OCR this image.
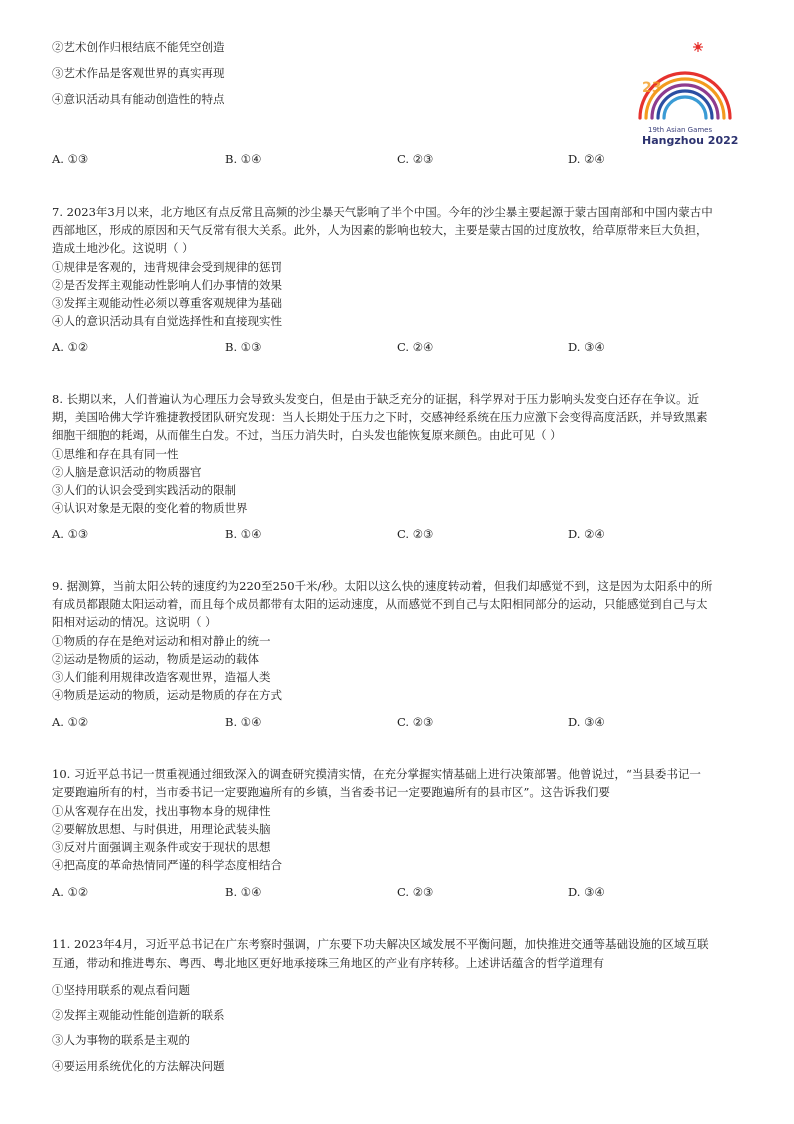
②艺术创作归根结底不能凭空创造
③艺术作品是客观世界的真实再现
④意识活动具有能动创造性的特点
A. ①③	B. ①④	C. ②③	D. ②④
23
19th Asian Games
Hangzhou 2022
7. 2023年3月以来，北方地区有点反常且高频的沙尘暴天气影响了半个中国。今年的沙尘暴主要起源于蒙古国南部和中国内蒙古中
西部地区，形成的原因和天气反常有很大关系。此外，人为因素的影响也较大，主要是蒙古国的过度放牧，给草原带来巨大负担，
造成土地沙化。这说明（ ）
①规律是客观的，违背规律会受到规律的惩罚
②是否发挥主观能动性影响人们办事情的效果
③发挥主观能动性必须以尊重客观规律为基础
④人的意识活动具有自觉选择性和直接现实性
A. ①②	B. ①③	C. ②④	D. ③④
8. 长期以来，人们普遍认为心理压力会导致头发变白，但是由于缺乏充分的证据，科学界对于压力影响头发变白还存在争议。近
期，美国哈佛大学许雅捷教授团队研究发现：当人长期处于压力之下时，交感神经系统在压力应激下会变得高度活跃，并导致黑素
细胞干细胞的耗竭，从而催生白发。不过，当压力消失时，白头发也能恢复原来颜色。由此可见（ ）
①思维和存在具有同一性
②人脑是意识活动的物质器官
③人们的认识会受到实践活动的限制
④认识对象是无限的变化着的物质世界
A. ①③	B. ①④	C. ②③	D. ②④
9. 据测算，当前太阳公转的速度约为220至250千米/秒。太阳以这么快的速度转动着，但我们却感觉不到，这是因为太阳系中的所
有成员都跟随太阳运动着，而且每个成员都带有太阳的运动速度，从而感觉不到自己与太阳相同部分的运动，只能感觉到自己与太
阳相对运动的情况。这说明（ ）
①物质的存在是绝对运动和相对静止的统一
②运动是物质的运动，物质是运动的载体
③人们能利用规律改造客观世界，造福人类
④物质是运动的物质，运动是物质的存在方式
A. ①②	B. ①④	C. ②③	D. ③④
10. 习近平总书记一贯重视通过细致深入的调查研究摸清实情，在充分掌握实情基础上进行决策部署。他曾说过，“当县委书记一
定要跑遍所有的村，当市委书记一定要跑遍所有的乡镇，当省委书记一定要跑遍所有的县市区”。这告诉我们要
①从客观存在出发，找出事物本身的规律性
②要解放思想、与时俱进，用理论武装头脑
③反对片面强调主观条件或安于现状的思想
④把高度的革命热情同严谨的科学态度相结合
A. ①②	B. ①④	C. ②③	D. ③④
11. 2023年4月，习近平总书记在广东考察时强调，广东要下功夫解决区域发展不平衡问题，加快推进交通等基础设施的区域互联
互通，带动和推进粤东、粤西、粤北地区更好地承接珠三角地区的产业有序转移。上述讲话蕴含的哲学道理有
①坚持用联系的观点看问题
②发挥主观能动性能创造新的联系
③人为事物的联系是主观的
④要运用系统优化的方法解决问题
